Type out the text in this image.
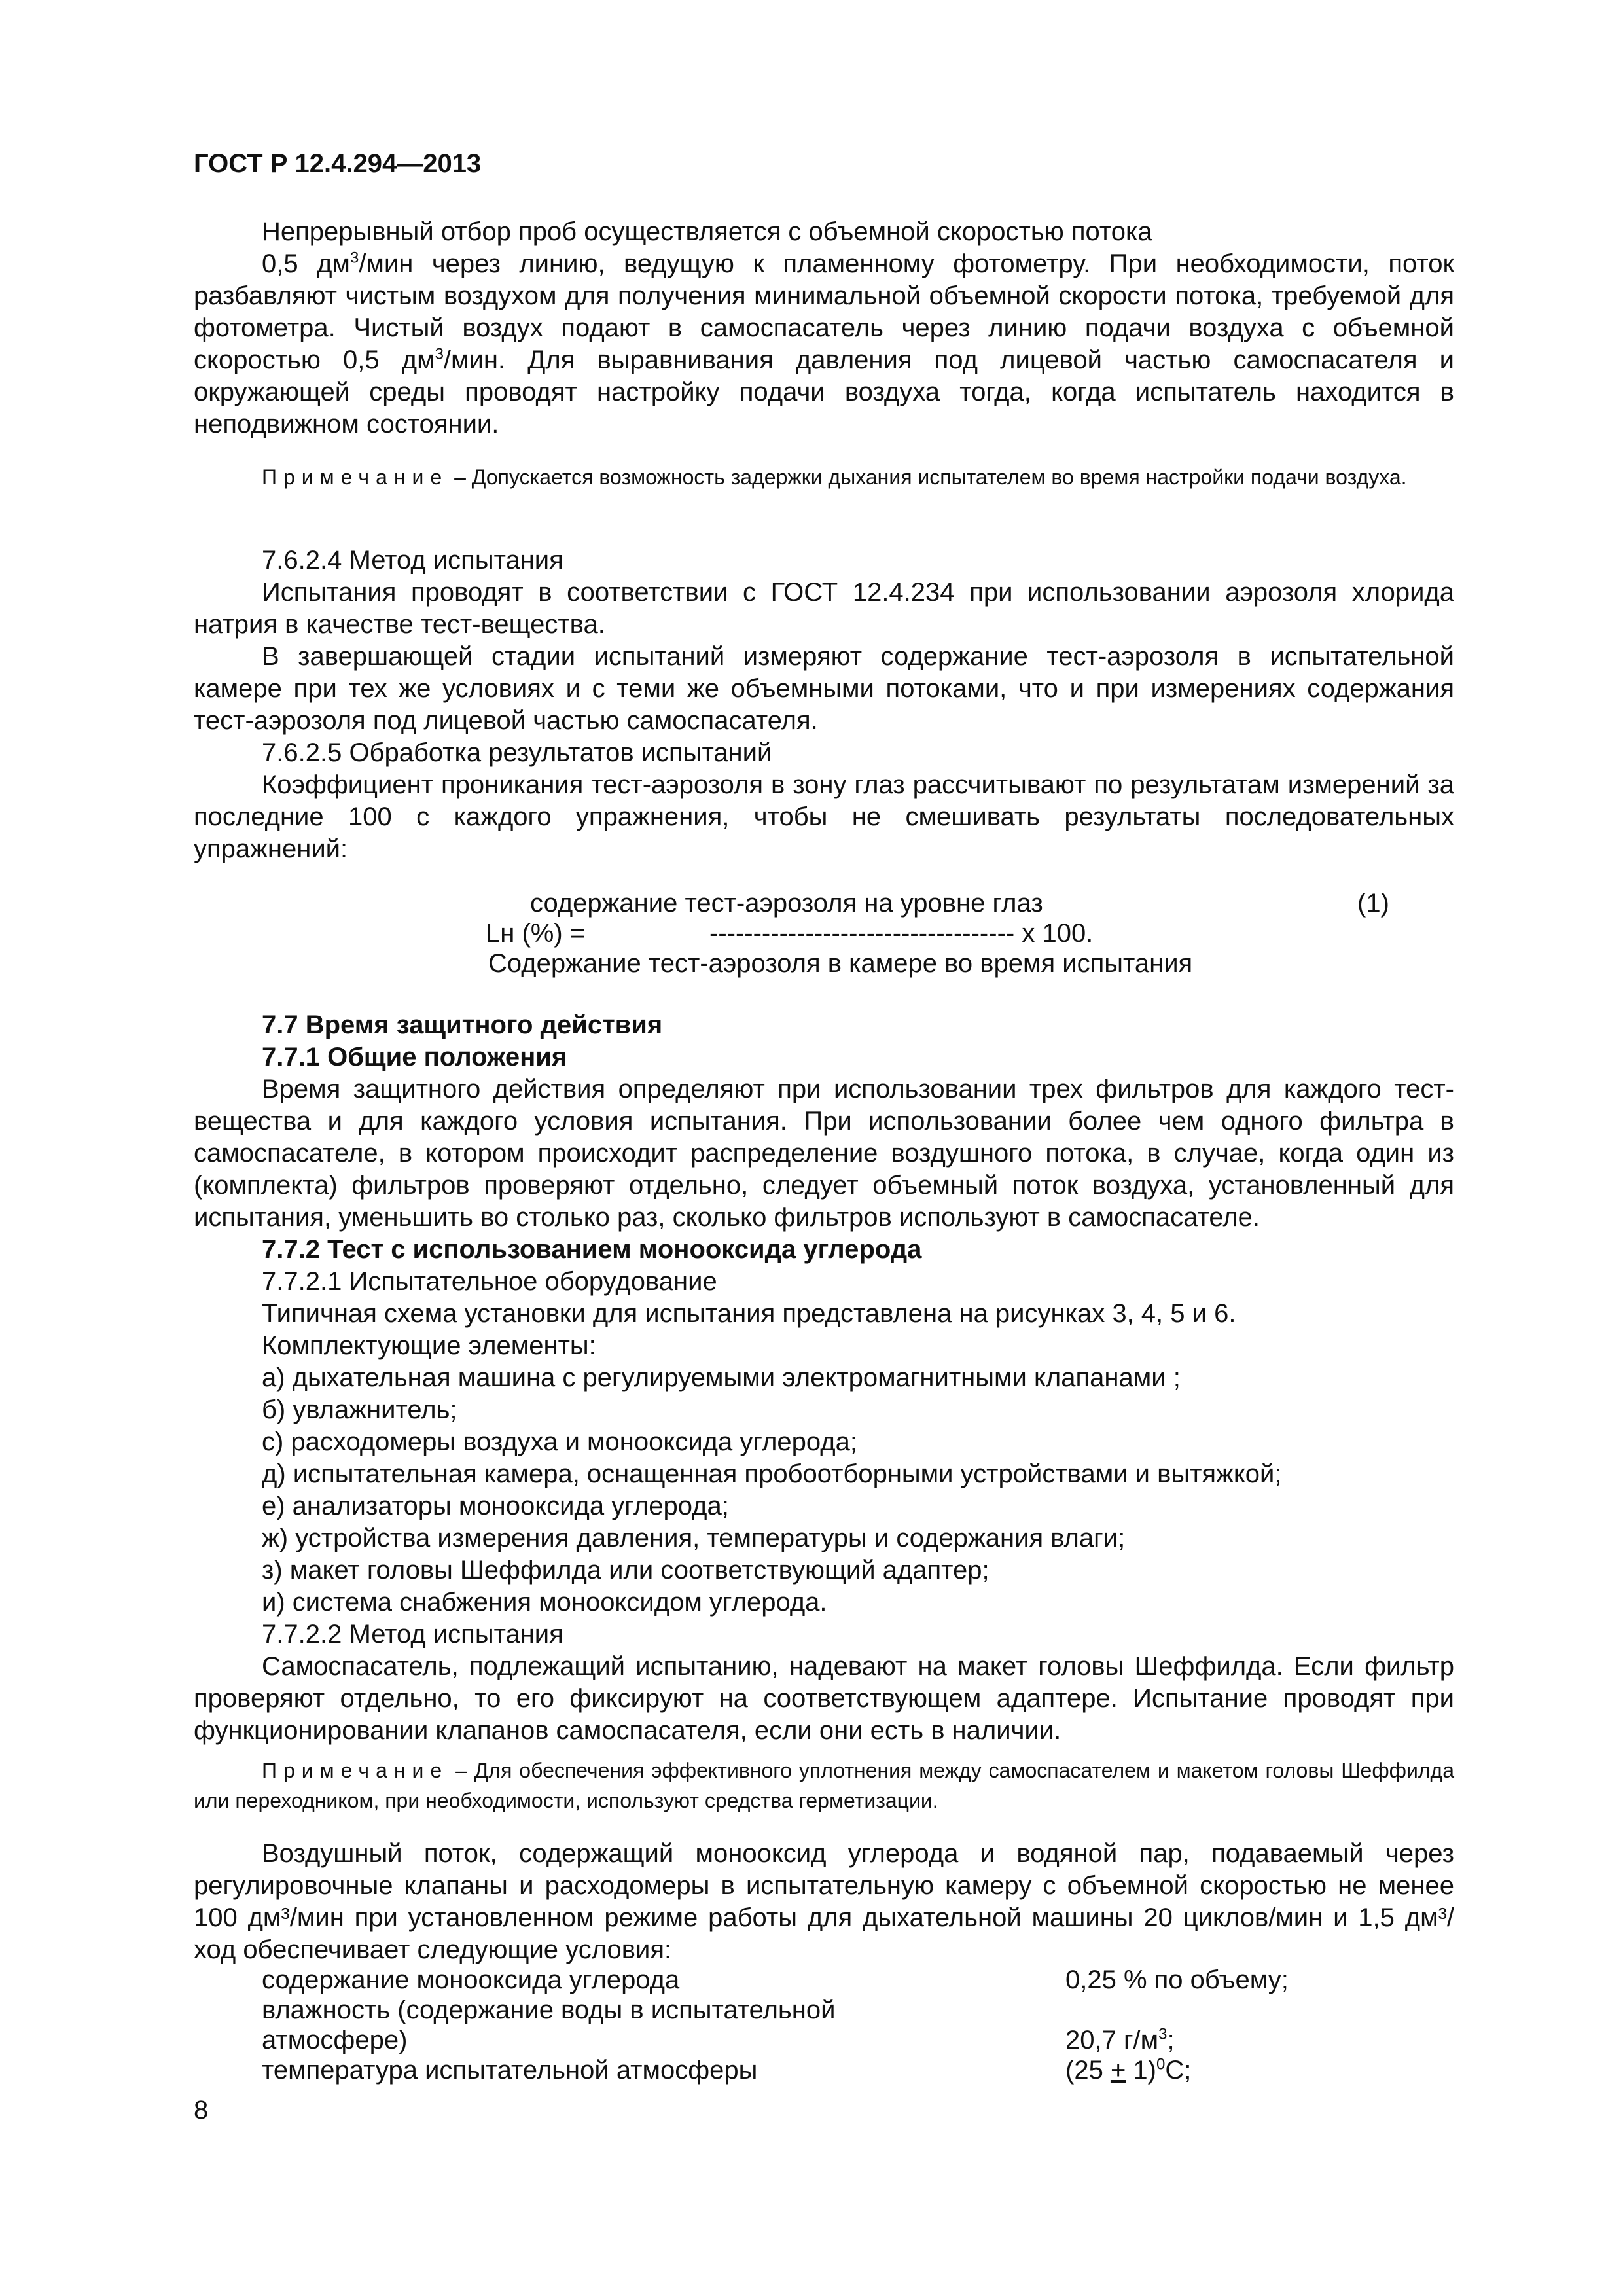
ГОСТ Р 12.4.294—2013

Непрерывный отбор проб осуществляется с объемной скоростью потока

0,5 $дм^3$/мин через линию, ведущую к пламенному фотометру. При необходимости, поток разбавляют чистым воздухом для получения минимальной объемной скорости потока, требуемой для фотометра. Чистый воздух подают в самоспасатель через линию подачи воздуха с объемной скоростью 0,5 $дм^3$/мин. Для выравнивания давления под лицевой частью самоспасателя и окружающей среды проводят настройку подачи воздуха тогда, когда испытатель находится в неподвижном состоянии.

Примечание – Допускается возможность задержки дыхания испытателем во время настройки подачи воздуха.

7.6.2.4 Метод испытания

Испытания проводят в соответствии с ГОСТ 12.4.234 при использовании аэрозоля хлорида натрия в качестве тест-вещества.

В завершающей стадии испытаний измеряют содержание тест-аэрозоля в испытательной камере при тех же условиях и с теми же объемными потоками, что и при измерениях содержания тест-аэрозоля под лицевой частью самоспасателя.

7.6.2.5 Обработка результатов испытаний

Коэффициент проникания тест-аэрозоля в зону глаз рассчитывают по результатам измерений за последние 100 с каждого упражнения, чтобы не смешивать результаты последовательных упражнений:

содержание тест-аэрозоля на уровне глаз	(1)
Lн (%) =	----------------------------------- х 100.
Содержание тест-аэрозоля в камере во время испытания

7.7 Время защитного действия

7.7.1 Общие положения

Время защитного действия определяют при использовании трех фильтров для каждого тест-вещества и для каждого условия испытания. При использовании более чем одного фильтра в самоспасателе, в котором происходит распределение воздушного потока, в случае, когда один из (комплекта) фильтров проверяют отдельно, следует объемный поток воздуха, установленный для испытания, уменьшить во столько раз, сколько фильтров используют в самоспасателе.

7.7.2 Тест с использованием монооксида углерода

7.7.2.1 Испытательное оборудование

Типичная схема установки для испытания представлена на рисунках 3, 4, 5 и 6.

Комплектующие элементы:

а) дыхательная машина с регулируемыми электромагнитными клапанами ;

б) увлажнитель;

с) расходомеры воздуха и монооксида углерода;

д) испытательная камера, оснащенная пробоотборными устройствами и вытяжкой;

е) анализаторы монооксида углерода;

ж) устройства измерения давления, температуры и содержания влаги;

з) макет головы Шеффилда или соответствующий адаптер;

и) система снабжения монооксидом углерода.

7.7.2.2 Метод испытания

Самоспасатель, подлежащий испытанию, надевают на макет головы Шеффилда. Если фильтр проверяют отдельно, то его фиксируют на соответствующем адаптере. Испытание проводят при функционировании клапанов самоспасателя, если они есть в наличии.

Примечание – Для обеспечения эффективного уплотнения между самоспасателем и макетом головы Шеффилда или переходником, при необходимости, используют средства герметизации.

Воздушный поток, содержащий монооксид углерода и водяной пар, подаваемый через регулировочные клапаны и расходомеры в испытательную камеру с объемной скоростью не менее 100 дм³/мин при установленном режиме работы для дыхательной машины 20 циклов/мин и 1,5 дм³/ход обеспечивает следующие условия:

содержание монооксида углерода	0,25 % по объему;
влажность (содержание воды в испытательной
атмосфере)	20,7 $г/м^3$;
температура испытательной атмосферы	$(25 + 1)^0С$;
8
